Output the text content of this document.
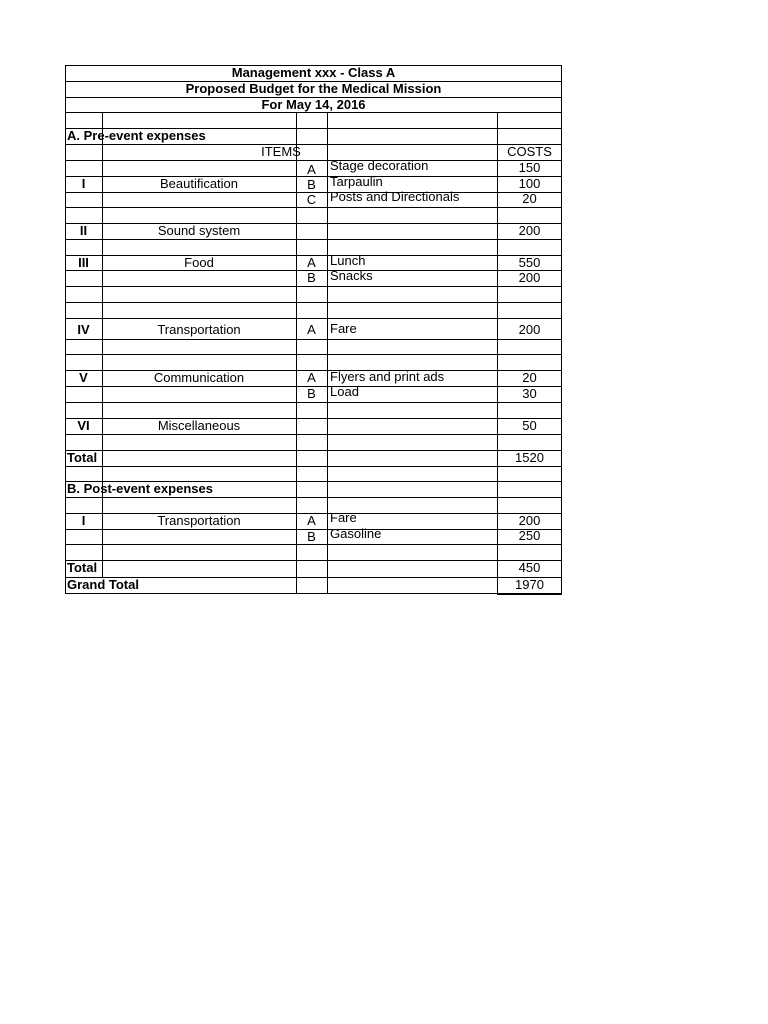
Management xxx - Class A
Proposed Budget for the Medical Mission
For May 14, 2016
A. Pre-event expenses
ITEMS	COSTS
I	Beautification
A	Stage decoration	150
B	Tarpaulin	100
C	Posts and Directionals	20
II	Sound system	200
III	Food	A	Lunch	550
B	Snacks	200
IV	Transportation	A	Fare	200
V	Communication	A	Flyers and print ads	20
B	Load	30
VI	Miscellaneous	50
Total	1520
B. Post-event expenses
I	Transportation	A	Fare	200
B	Gasoline	250
Total	450
Grand Total	1970
